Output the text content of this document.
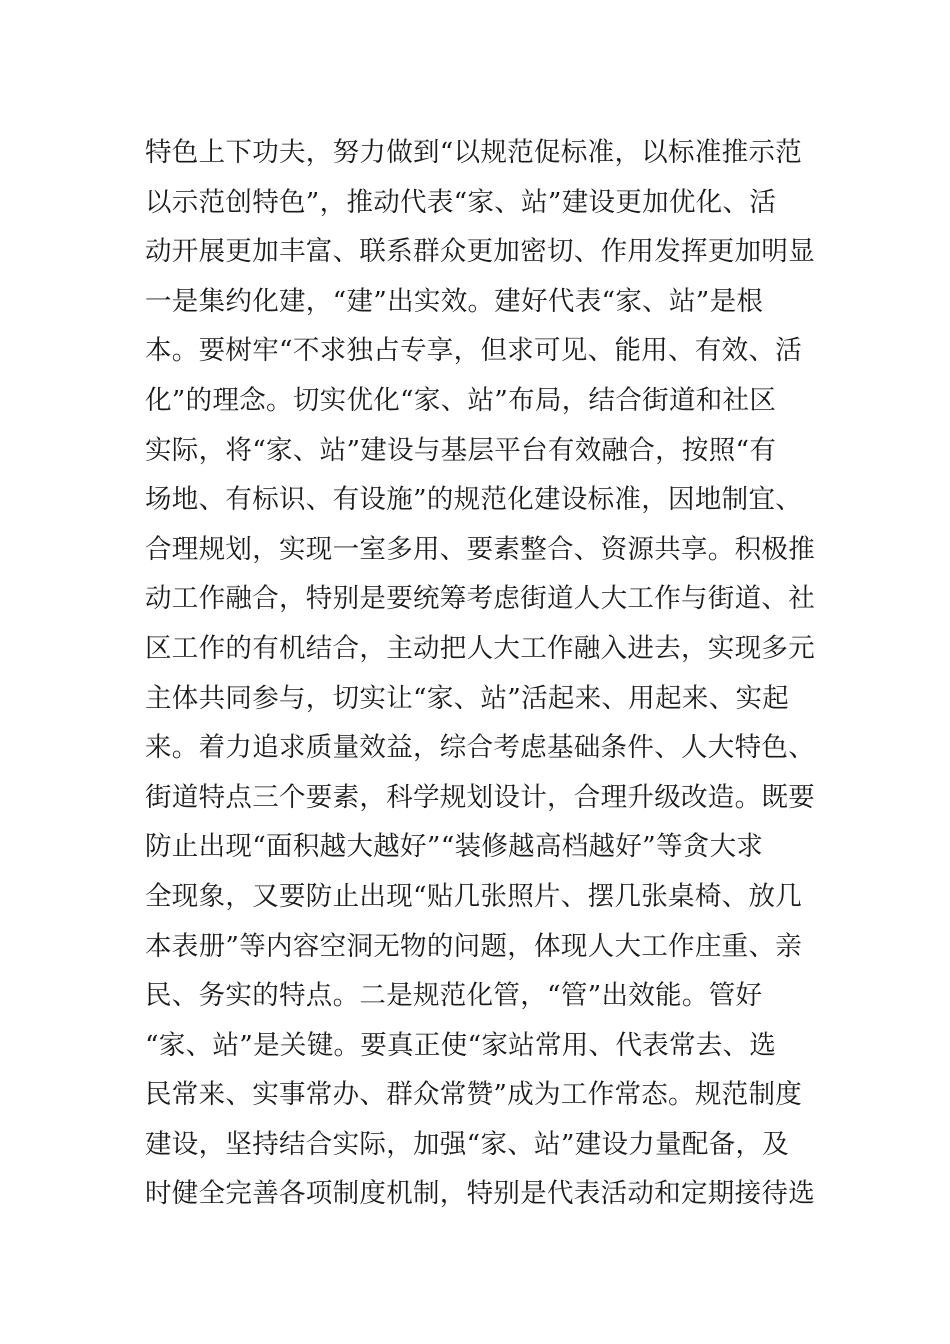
特色上下功夫，努力做到“以规范促标准，以标准推示范
以示范创特色”，推动代表“家、站”建设更加优化、活
动开展更加丰富、联系群众更加密切、作用发挥更加明显
一是集约化建，“建”出实效。建好代表“家、站”是根
本。要树牢“不求独占专享，但求可见、能用、有效、活
化”的理念。切实优化“家、站”布局，结合街道和社区
实际，将“家、站”建设与基层平台有效融合，按照“有
场地、有标识、有设施”的规范化建设标准，因地制宜、
合理规划，实现一室多用、要素整合、资源共享。积极推
动工作融合，特别是要统筹考虑街道人大工作与街道、社
区工作的有机结合，主动把人大工作融入进去，实现多元
主体共同参与，切实让“家、站”活起来、用起来、实起
来。着力追求质量效益，综合考虑基础条件、人大特色、
街道特点三个要素，科学规划设计，合理升级改造。既要
防止出现“面积越大越好”“装修越高档越好”等贪大求
全现象，又要防止出现“贴几张照片、摆几张桌椅、放几
本表册”等内容空洞无物的问题，体现人大工作庄重、亲
民、务实的特点。二是规范化管，“管”出效能。管好
“家、站”是关键。要真正使“家站常用、代表常去、选
民常来、实事常办、群众常赞”成为工作常态。规范制度
建设，坚持结合实际，加强“家、站”建设力量配备，及
时健全完善各项制度机制，特别是代表活动和定期接待选
